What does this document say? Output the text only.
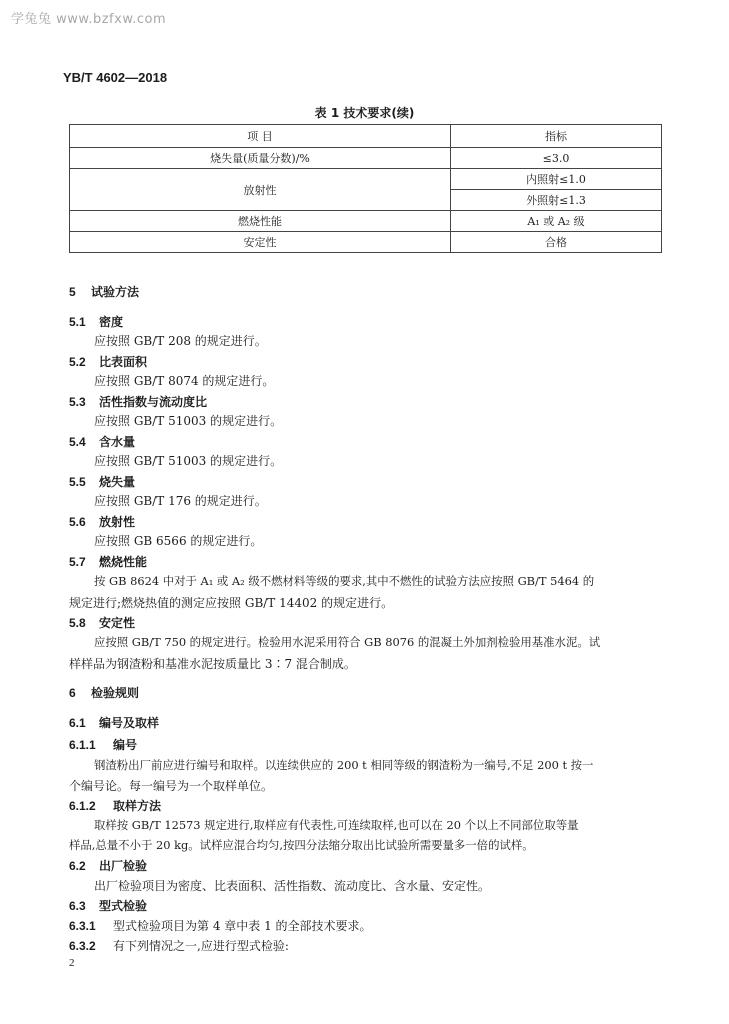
学兔兔 www.bzfxw.com
YB/T 4602—2018
表 1 技术要求(续)
项 目	指标
烧失量(质量分数)/%	≤3.0
放射性	内照射≤1.0
	外照射≤1.3
燃烧性能	A₁ 或 A₂ 级
安定性	合格
5 试验方法
5.1 密度
应按照 GB/T 208 的规定进行。
5.2 比表面积
应按照 GB/T 8074 的规定进行。
5.3 活性指数与流动度比
应按照 GB/T 51003 的规定进行。
5.4 含水量
应按照 GB/T 51003 的规定进行。
5.5 烧失量
应按照 GB/T 176 的规定进行。
5.6 放射性
应按照 GB 6566 的规定进行。
5.7 燃烧性能
按 GB 8624 中对于 A₁ 或 A₂ 级不燃材料等级的要求,其中不燃性的试验方法应按照 GB/T 5464 的
规定进行;燃烧热值的测定应按照 GB/T 14402 的规定进行。
5.8 安定性
应按照 GB/T 750 的规定进行。检验用水泥采用符合 GB 8076 的混凝土外加剂检验用基准水泥。试
样样品为钢渣粉和基准水泥按质量比 3∶7 混合制成。
6 检验规则
6.1 编号及取样
6.1.1 编号
钢渣粉出厂前应进行编号和取样。以连续供应的 200 t 相同等级的钢渣粉为一编号,不足 200 t 按一
个编号论。每一编号为一个取样单位。
6.1.2 取样方法
取样按 GB/T 12573 规定进行,取样应有代表性,可连续取样,也可以在 20 个以上不同部位取等量
样品,总量不小于 20 kg。试样应混合均匀,按四分法缩分取出比试验所需要量多一倍的试样。
6.2 出厂检验
出厂检验项目为密度、比表面积、活性指数、流动度比、含水量、安定性。
6.3 型式检验
6.3.1 型式检验项目为第 4 章中表 1 的全部技术要求。
6.3.2 有下列情况之一,应进行型式检验:
2
